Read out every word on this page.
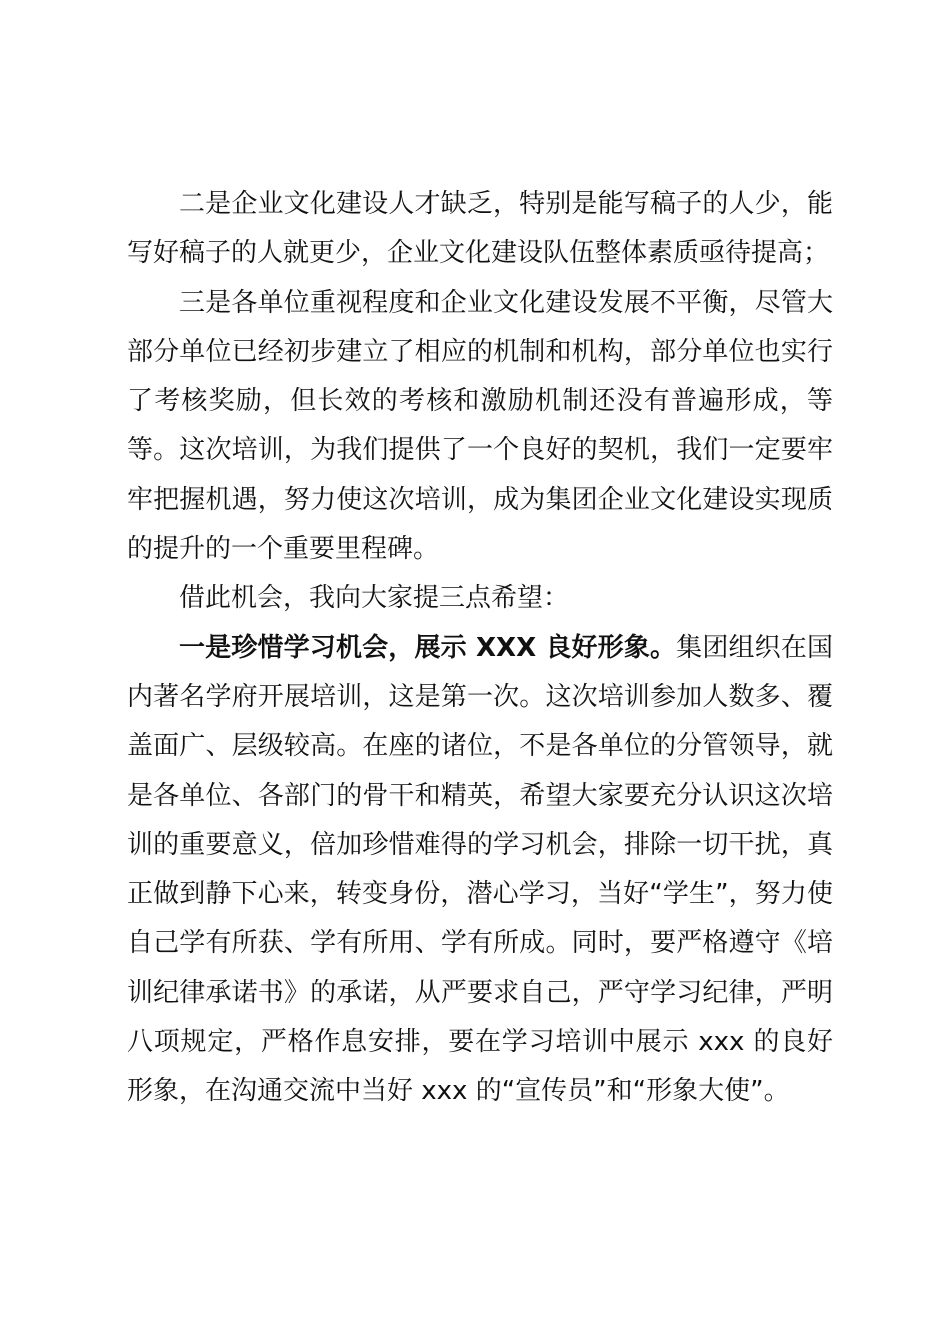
二是企业文化建设人才缺乏，特别是能写稿子的人少，能写好稿子的人就更少，企业文化建设队伍整体素质亟待提高；

三是各单位重视程度和企业文化建设发展不平衡，尽管大部分单位已经初步建立了相应的机制和机构，部分单位也实行了考核奖励，但长效的考核和激励机制还没有普遍形成，等等。这次培训，为我们提供了一个良好的契机，我们一定要牢牢把握机遇，努力使这次培训，成为集团企业文化建设实现质的提升的一个重要里程碑。

借此机会，我向大家提三点希望：

一是珍惜学习机会，展示 XXX 良好形象。集团组织在国内著名学府开展培训，这是第一次。这次培训参加人数多、覆盖面广、层级较高。在座的诸位，不是各单位的分管领导，就是各单位、各部门的骨干和精英，希望大家要充分认识这次培训的重要意义，倍加珍惜难得的学习机会，排除一切干扰，真正做到静下心来，转变身份，潜心学习，当好“学生”，努力使自己学有所获、学有所用、学有所成。同时，要严格遵守《培训纪律承诺书》的承诺，从严要求自己，严守学习纪律，严明八项规定，严格作息安排，要在学习培训中展示 xxx 的良好形象，在沟通交流中当好 xxx 的“宣传员”和“形象大使”。
